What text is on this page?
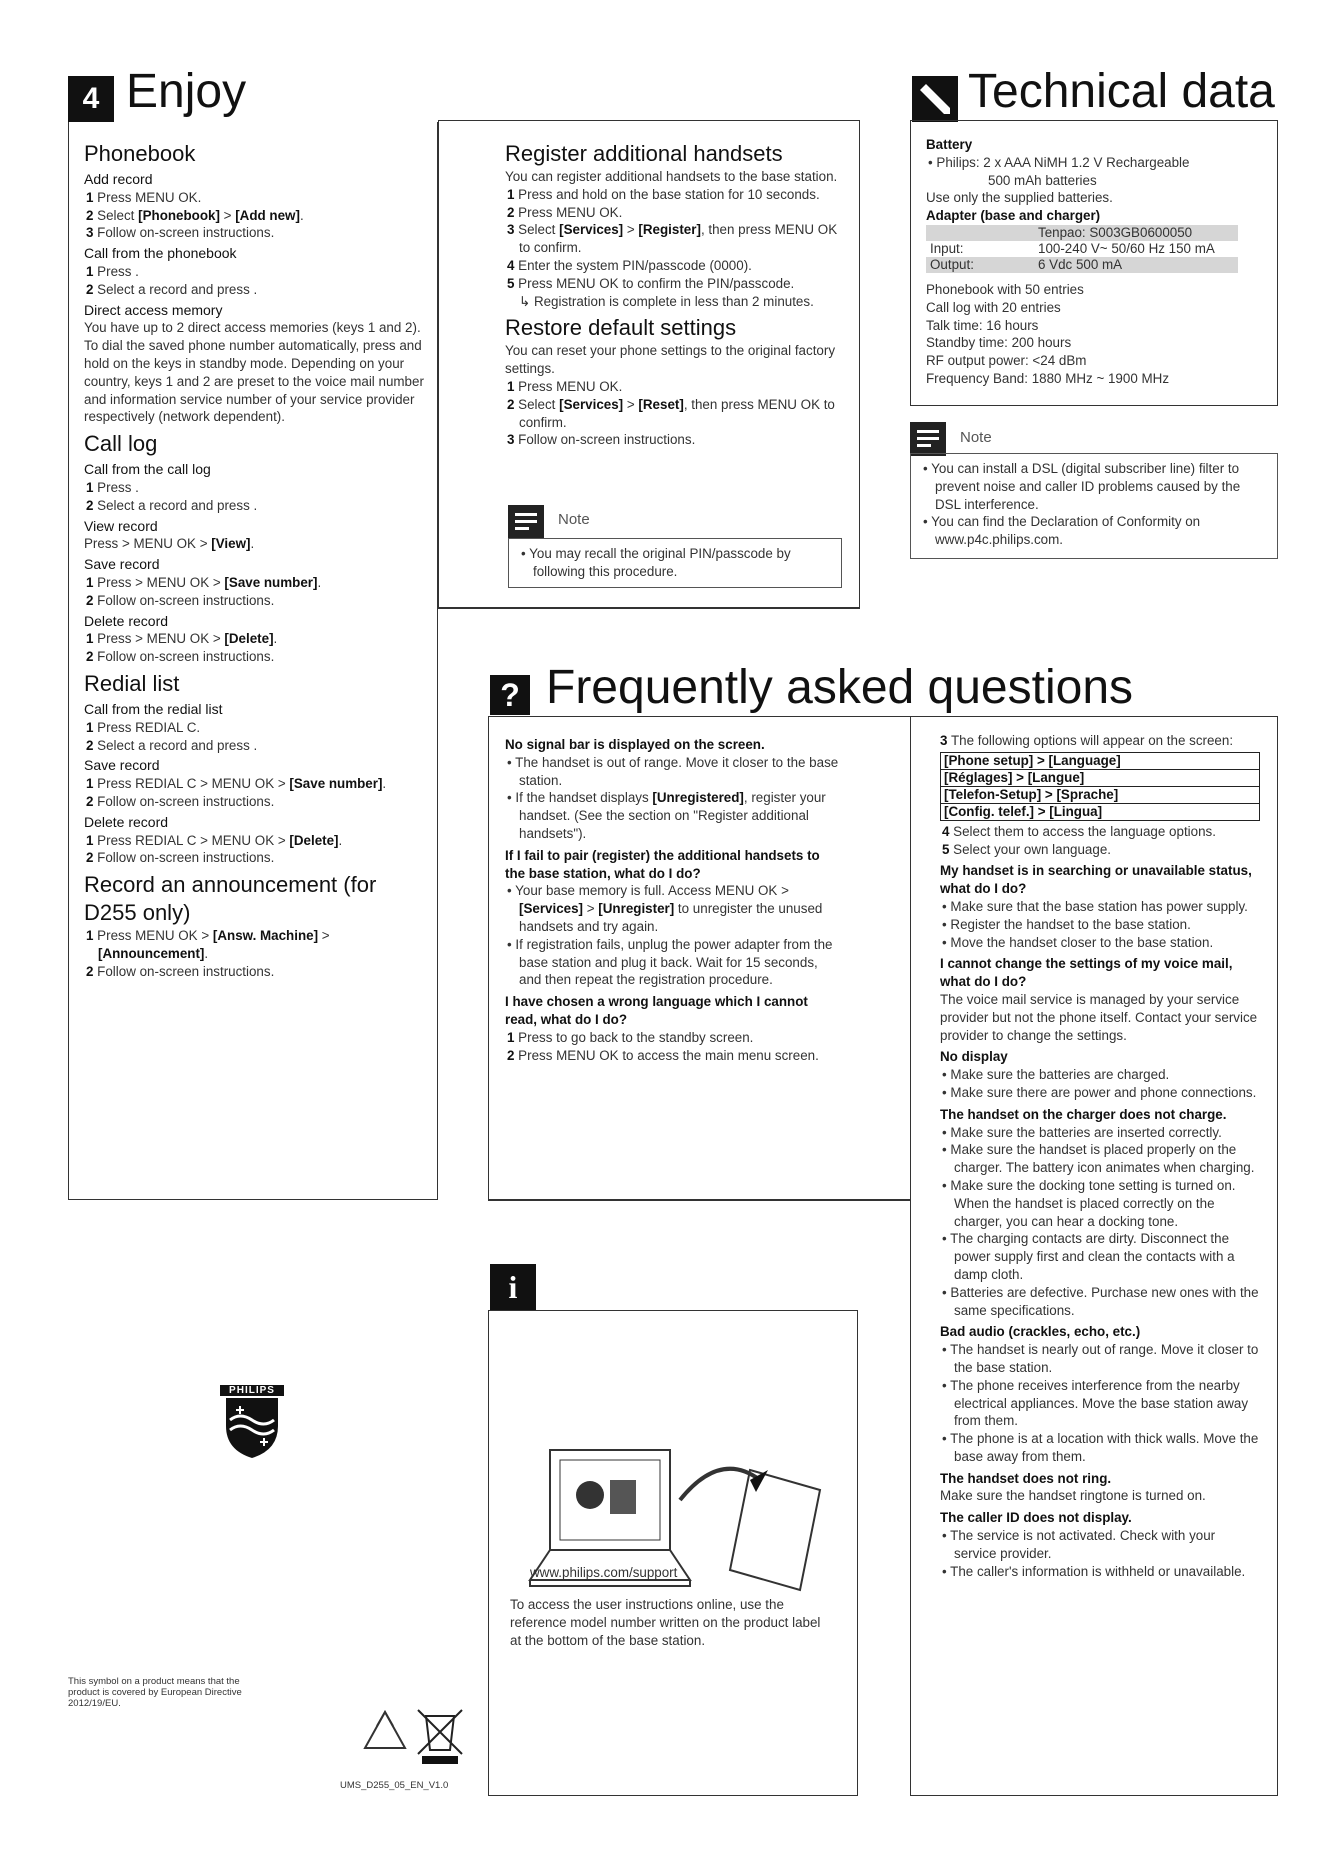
4 Enjoy

Phonebook

Add record

1 Press MENU OK.

2 Select [Phonebook] > [Add new].

3 Follow on-screen instructions.

Call from the phonebook

1 Press .

2 Select a record and press .

Direct access memory

You have up to 2 direct access memories (keys 1 and 2). To dial the saved phone number automatically, press and hold on the keys in standby mode. Depending on your country, keys 1 and 2 are preset to the voice mail number and information service number of your service provider respectively (network dependent).

Call log

Call from the call log

1 Press .

2 Select a record and press .

View record

Press > MENU OK > [View].

Save record

1 Press > MENU OK > [Save number].

2 Follow on-screen instructions.

Delete record

1 Press > MENU OK > [Delete].

2 Follow on-screen instructions.

Redial list

Call from the redial list

1 Press REDIAL C.

2 Select a record and press .

Save record

1 Press REDIAL C > MENU OK > [Save number].

2 Follow on-screen instructions.

Delete record

1 Press REDIAL C > MENU OK > [Delete].

2 Follow on-screen instructions.

Record an announcement (for D255 only)

1 Press MENU OK > [Answ. Machine] > [Announcement].

2 Follow on-screen instructions.

Register additional handsets

You can register additional handsets to the base station.

1 Press and hold on the base station for 10 seconds.

2 Press MENU OK.

3 Select [Services] > [Register], then press MENU OK to confirm.

4 Enter the system PIN/passcode (0000).

5 Press MENU OK to confirm the PIN/passcode.

↳ Registration is complete in less than 2 minutes.

Restore default settings

You can reset your phone settings to the original factory settings.

1 Press MENU OK.

2 Select [Services] > [Reset], then press MENU OK to confirm.

3 Follow on-screen instructions.

Note
• You may recall the original PIN/passcode by following this procedure.
Technical data

Battery

• Philips: 2 x AAA NiMH 1.2 V Rechargeable

500 mAh batteries

Use only the supplied batteries.

Adapter (base and charger)

	Tenpao: S003GB0600050
Input:	100-240 V~ 50/60 Hz 150 mA
Output:	6 Vdc 500 mA

Phonebook with 50 entries

Call log with 20 entries

Talk time: 16 hours

Standby time: 200 hours

RF output power: <24 dBm

Frequency Band: 1880 MHz ~ 1900 MHz

Note
• You can install a DSL (digital subscriber line) filter to prevent noise and caller ID problems caused by the DSL interference.
• You can find the Declaration of Conformity on www.p4c.philips.com.
? Frequently asked questions

No signal bar is displayed on the screen.

• The handset is out of range. Move it closer to the base station.

• If the handset displays [Unregistered], register your handset. (See the section on "Register additional handsets").

If I fail to pair (register) the additional handsets to the base station, what do I do?

• Your base memory is full. Access MENU OK > [Services] > [Unregister] to unregister the unused handsets and try again.

• If registration fails, unplug the power adapter from the base station and plug it back. Wait for 15 seconds, and then repeat the registration procedure.

I have chosen a wrong language which I cannot read, what do I do?

1 Press to go back to the standby screen.

2 Press MENU OK to access the main menu screen.

3 The following options will appear on the screen:

[Phone setup] > [Language]
[Réglages] > [Langue]
[Telefon-Setup] > [Sprache]
[Config. telef.] > [Lingua]

4 Select them to access the language options.

5 Select your own language.

My handset is in searching or unavailable status, what do I do?

• Make sure that the base station has power supply.

• Register the handset to the base station.

• Move the handset closer to the base station.

I cannot change the settings of my voice mail, what do I do?

The voice mail service is managed by your service provider but not the phone itself. Contact your service provider to change the settings.

No display

• Make sure the batteries are charged.

• Make sure there are power and phone connections.

The handset on the charger does not charge.

• Make sure the batteries are inserted correctly.

• Make sure the handset is placed properly on the charger. The battery icon animates when charging.

• Make sure the docking tone setting is turned on. When the handset is placed correctly on the charger, you can hear a docking tone.

• The charging contacts are dirty. Disconnect the power supply first and clean the contacts with a damp cloth.

• Batteries are defective. Purchase new ones with the same specifications.

Bad audio (crackles, echo, etc.)

• The handset is nearly out of range. Move it closer to the base station.

• The phone receives interference from the nearby electrical appliances. Move the base station away from them.

• The phone is at a location with thick walls. Move the base away from them.

The handset does not ring.

Make sure the handset ringtone is turned on.

The caller ID does not display.

• The service is not activated. Check with your service provider.

• The caller's information is withheld or unavailable.

i
www.philips.com/support
To access the user instructions online, use the reference model number written on the product label at the bottom of the base station.
PHILIPS
This symbol on a product means that the product is covered by European Directive 2012/19/EU.
UMS_D255_05_EN_V1.0
